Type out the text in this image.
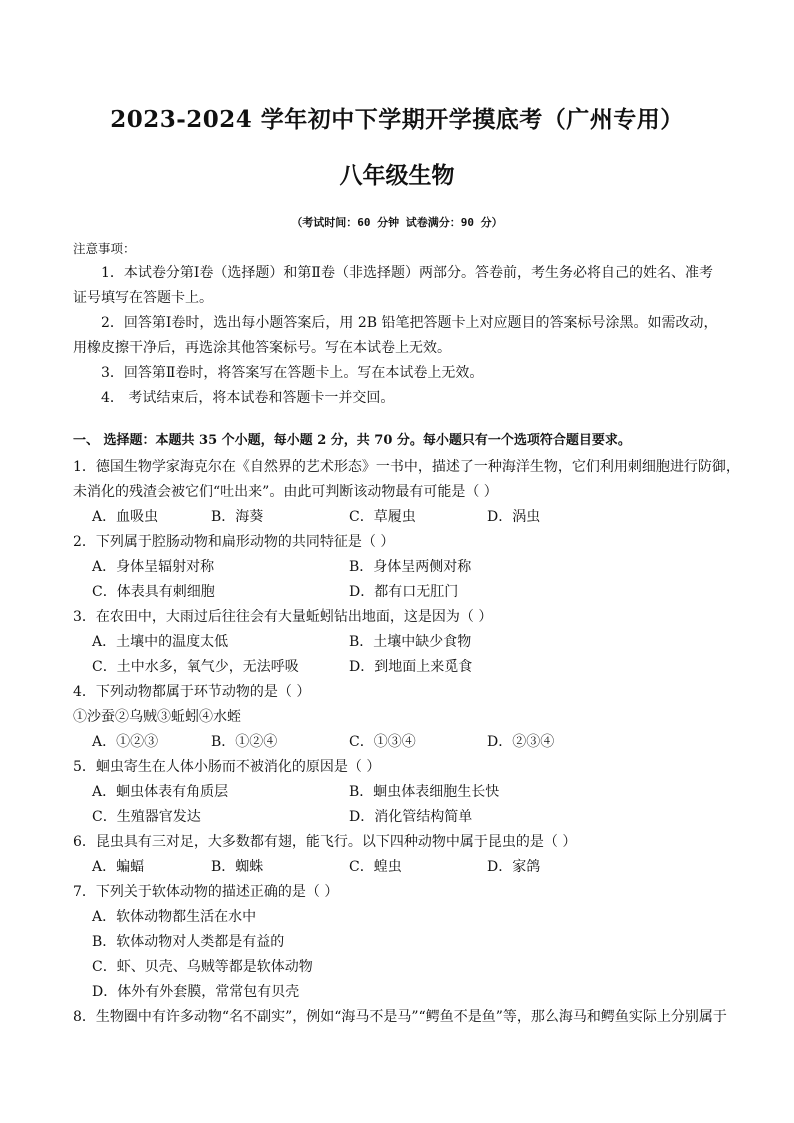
2023-2024 学年初中下学期开学摸底考（广州专用）
八年级生物
（考试时间：60 分钟 试卷满分：90 分）
注意事项：
1．本试卷分第Ⅰ卷（选择题）和第Ⅱ卷（非选择题）两部分。答卷前，考生务必将自己的姓名、准考
证号填写在答题卡上。
2．回答第Ⅰ卷时，选出每小题答案后，用 2B 铅笔把答题卡上对应题目的答案标号涂黑。如需改动，
用橡皮擦干净后，再选涂其他答案标号。写在本试卷上无效。
3．回答第Ⅱ卷时，将答案写在答题卡上。写在本试卷上无效。
4． 考试结束后，将本试卷和答题卡一并交回。
一、 选择题：本题共 35 个小题，每小题 2 分，共 70 分。每小题只有一个选项符合题目要求。
1．德国生物学家海克尔在《自然界的艺术形态》一书中，描述了一种海洋生物，它们利用刺细胞进行防御，
未消化的残渣会被它们“吐出来”。由此可判断该动物最有可能是（ ）
A．血吸虫	B．海葵	C．草履虫	D．涡虫
2．下列属于腔肠动物和扁形动物的共同特征是（ ）
A．身体呈辐射对称	B．身体呈两侧对称
C．体表具有刺细胞	D．都有口无肛门
3．在农田中，大雨过后往往会有大量蚯蚓钻出地面，这是因为（ ）
A．土壤中的温度太低	B．土壤中缺少食物
C．土中水多，氧气少，无法呼吸	D．到地面上来觅食
4．下列动物都属于环节动物的是（ ）
①沙蚕②乌贼③蚯蚓④水蛭
A．①②③	B．①②④	C．①③④	D．②③④
5．蛔虫寄生在人体小肠而不被消化的原因是（ ）
A．蛔虫体表有角质层	B．蛔虫体表细胞生长快
C．生殖器官发达	D．消化管结构简单
6．昆虫具有三对足，大多数都有翅，能飞行。以下四种动物中属于昆虫的是（ ）
A．蝙蝠	B．蜘蛛	C．蝗虫	D．家鸽
7．下列关于软体动物的描述正确的是（ ）
A．软体动物都生活在水中
B．软体动物对人类都是有益的
C．虾、贝壳、乌贼等都是软体动物
D．体外有外套膜，常常包有贝壳
8．生物圈中有许多动物“名不副实”，例如“海马不是马”“鳄鱼不是鱼”等，那么海马和鳄鱼实际上分别属于
